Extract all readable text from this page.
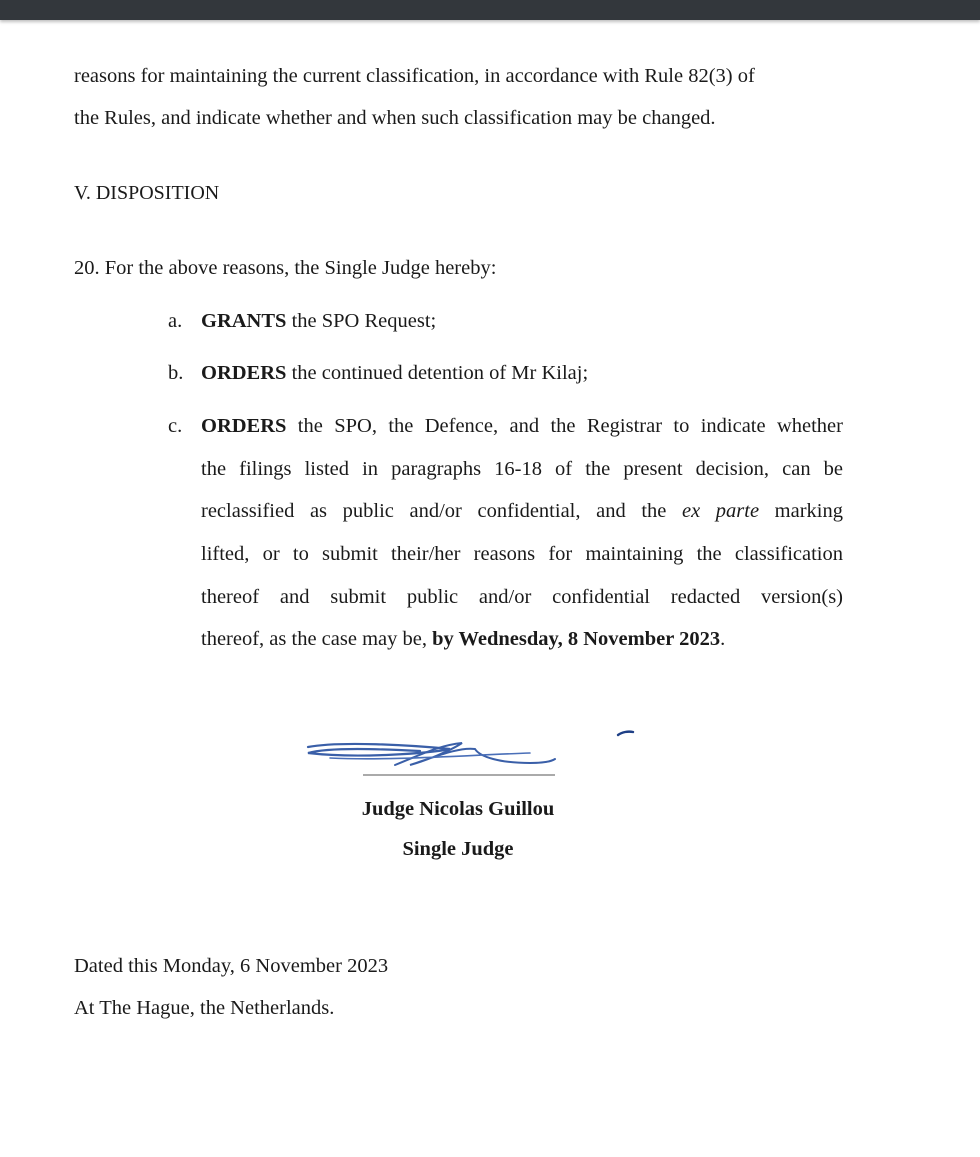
reasons for maintaining the current classification, in accordance with Rule 82(3) of
the Rules, and indicate whether and when such classification may be changed.
V. DISPOSITION
20. For the above reasons, the Single Judge hereby:
a. GRANTS the SPO Request;
b. ORDERS the continued detention of Mr Kilaj;
c. ORDERS the SPO, the Defence, and the Registrar to indicate whether
the filings listed in paragraphs 16-18 of the present decision, can be
reclassified as public and/or confidential, and the ex parte marking
lifted, or to submit their/her reasons for maintaining the classification
thereof and submit public and/or confidential redacted version(s)
thereof, as the case may be, by Wednesday, 8 November 2023.
Judge Nicolas Guillou
Single Judge
Dated this Monday, 6 November 2023
At The Hague, the Netherlands.
